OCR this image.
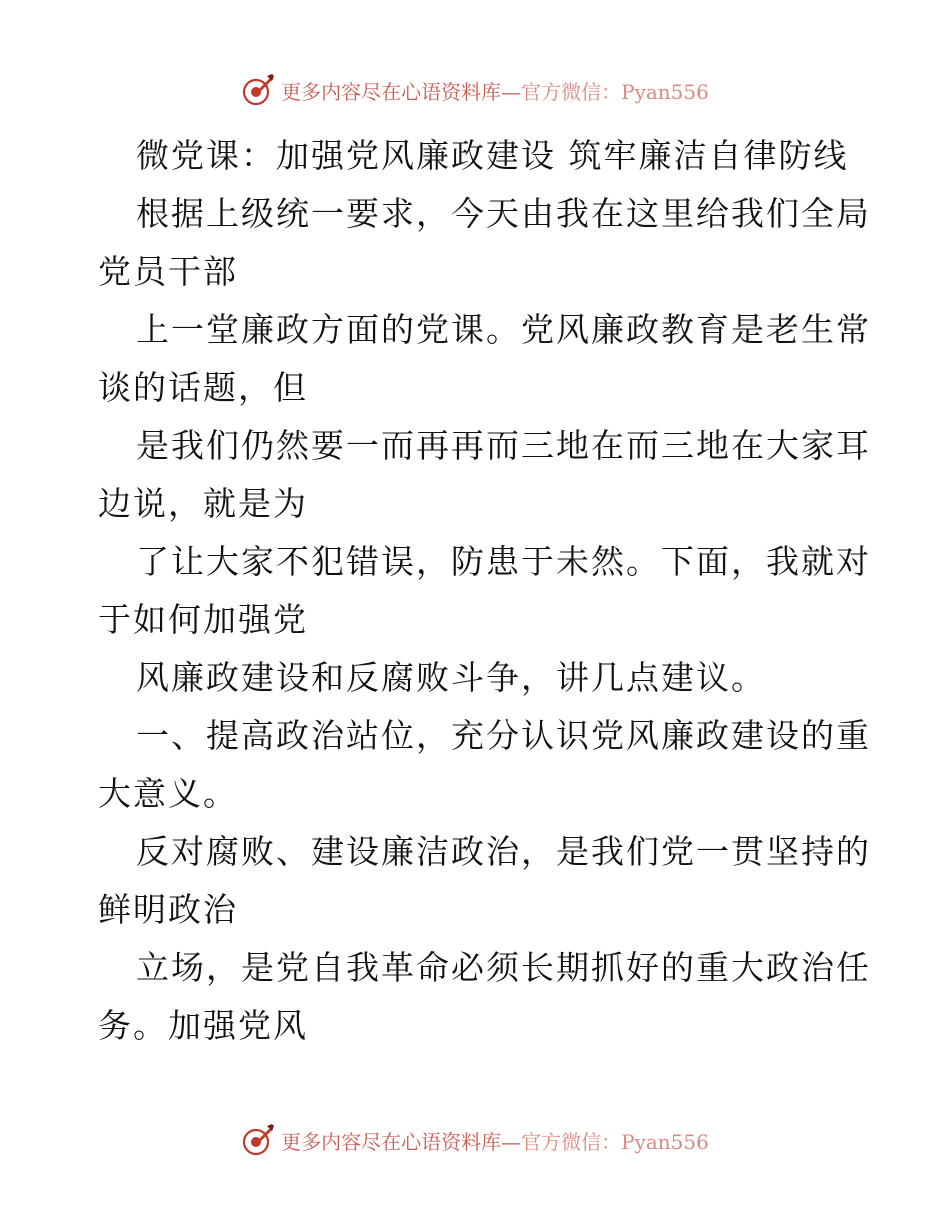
更多内容尽在心语资料库—官方微信：Pyan556
微党课：加强党风廉政建设 筑牢廉洁自律防线
根据上级统一要求，今天由我在这里给我们全局
党员干部
上一堂廉政方面的党课。党风廉政教育是老生常
谈的话题，但
是我们仍然要一而再再而三地在而三地在大家耳
边说，就是为
了让大家不犯错误，防患于未然。下面，我就对
于如何加强党
风廉政建设和反腐败斗争，讲几点建议。
一、提高政治站位，充分认识党风廉政建设的重
大意义。
反对腐败、建设廉洁政治，是我们党一贯坚持的
鲜明政治
立场，是党自我革命必须长期抓好的重大政治任
务。加强党风
更多内容尽在心语资料库—官方微信：Pyan556
